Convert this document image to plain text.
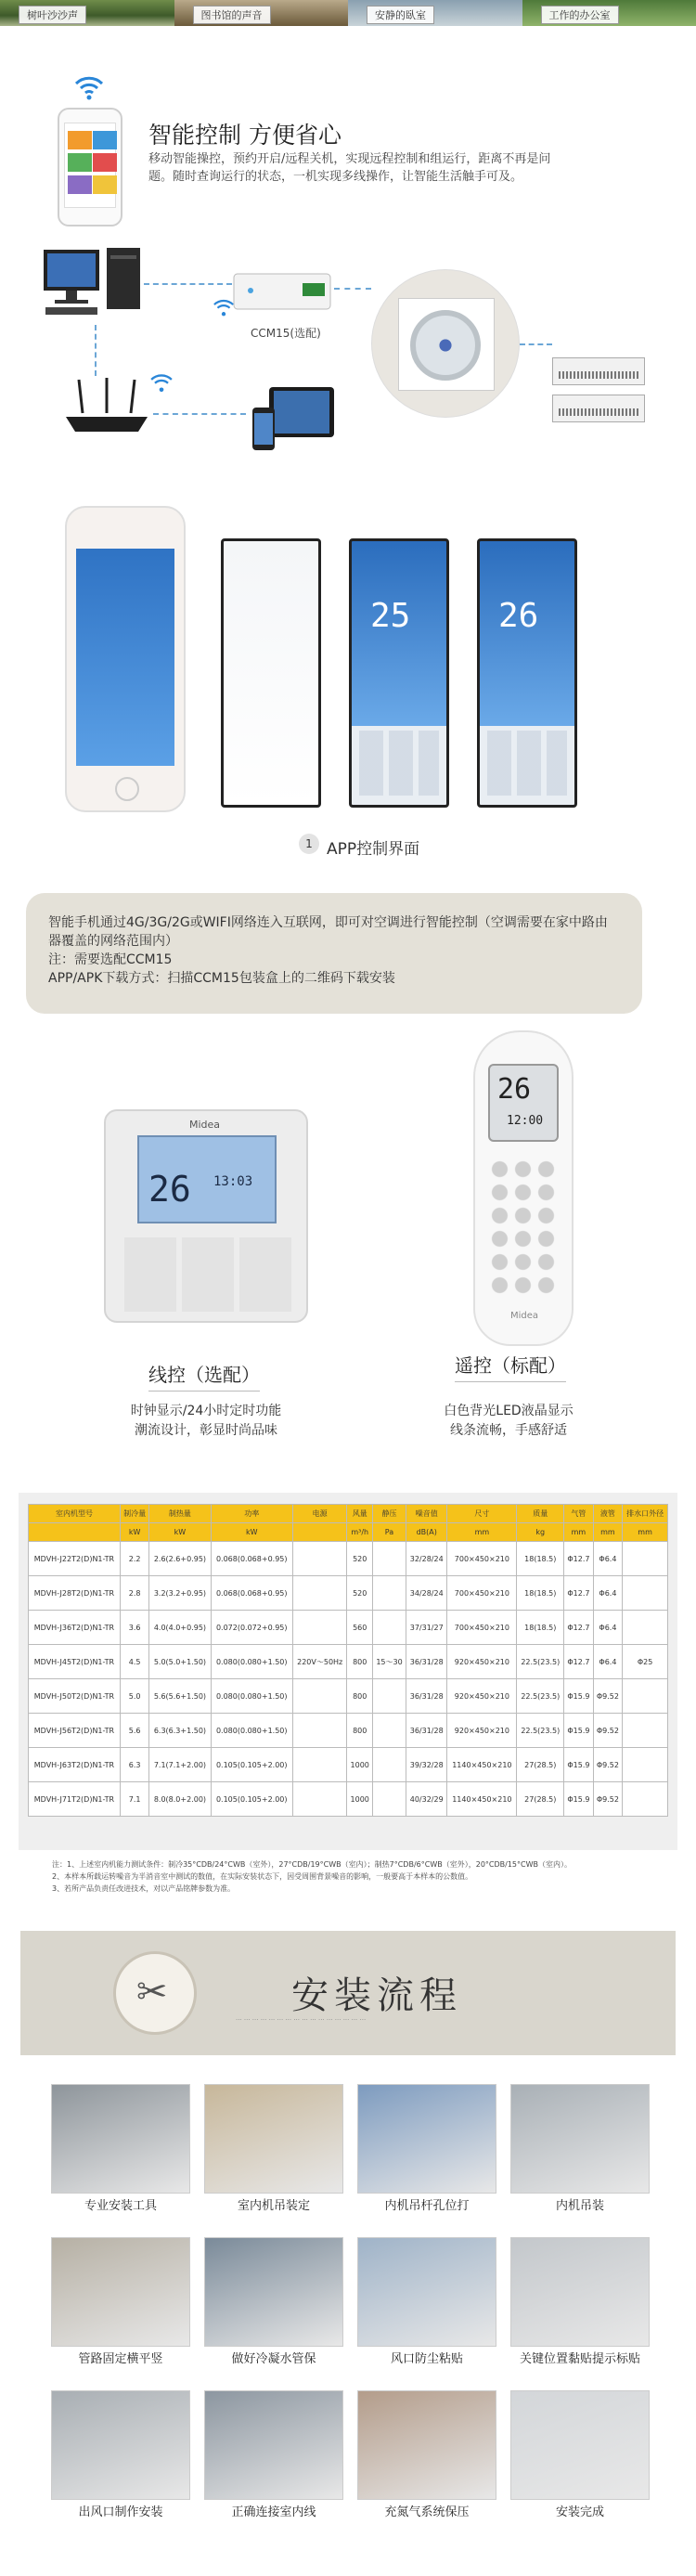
树叶沙沙声	图书馆的声音	安静的臥室	工作的办公室
智能控制 方便省心
移动智能操控，预约开启/远程关机，实现远程控制和组运行，距离不再是问题。随时查询运行的状态，一机实现多线操作，让智能生活触手可及。
CCM15(选配)
25	26
1 APP控制界面
智能手机通过4G/3G/2G或WIFI网络连入互联网，即可对空调进行智能控制（空调需要在家中路由器覆盖的网络范围内）
注：需要选配CCM15
APP/APK下载方式：扫描CCM15包装盒上的二维码下载安装
Midea
26 13:03
26
12:00
Midea
线控（选配）
时钟显示/24小时定时功能
潮流设计，彰显时尚品味
遥控（标配）
白色背光LED液晶显示
线条流畅，手感舒适
室内机型号	制冷量	制热量	功率	电源	风量	静压	噪音值	尺寸	质量	气管	液管	排水口外径
	kW	kW	kW		m³/h	Pa	dB(A)	mm	kg	mm	mm	mm
MDVH-J22T2(D)N1-TR	2.2	2.6(2.6+0.95)	0.068(0.068+0.95)		520		32/28/24	700×450×210	18(18.5)	Φ12.7	Φ6.4	
MDVH-J28T2(D)N1-TR	2.8	3.2(3.2+0.95)	0.068(0.068+0.95)		520		34/28/24	700×450×210	18(18.5)	Φ12.7	Φ6.4	
MDVH-J36T2(D)N1-TR	3.6	4.0(4.0+0.95)	0.072(0.072+0.95)		560		37/31/27	700×450×210	18(18.5)	Φ12.7	Φ6.4	
MDVH-J45T2(D)N1-TR	4.5	5.0(5.0+1.50)	0.080(0.080+1.50)	220V～50Hz	800	15～30	36/31/28	920×450×210	22.5(23.5)	Φ12.7	Φ6.4	Φ25
MDVH-J50T2(D)N1-TR	5.0	5.6(5.6+1.50)	0.080(0.080+1.50)		800		36/31/28	920×450×210	22.5(23.5)	Φ15.9	Φ9.52	
MDVH-J56T2(D)N1-TR	5.6	6.3(6.3+1.50)	0.080(0.080+1.50)		800		36/31/28	920×450×210	22.5(23.5)	Φ15.9	Φ9.52	
MDVH-J63T2(D)N1-TR	6.3	7.1(7.1+2.00)	0.105(0.105+2.00)		1000		39/32/28	1140×450×210	27(28.5)	Φ15.9	Φ9.52	
MDVH-J71T2(D)N1-TR	7.1	8.0(8.0+2.00)	0.105(0.105+2.00)		1000		40/32/29	1140×450×210	27(28.5)	Φ15.9	Φ9.52	
注：1、上述室内机能力测试条件：制冷35°CDB/24°CWB（室外），27°CDB/19°CWB（室内）；制热7°CDB/6°CWB（室外），20°CDB/15°CWB（室内）。
2、本样本所载运转噪音为半消音室中测试的数值，在实际安装状态下，因受周围背景噪音的影响，一般要高于本样本的公数值。
3、若所产品负责任改进技术，对以产品铭牌参数为准。
✂	安装流程
··· ··· ··· ··· ··· ··· ··· ··· ··· ··· ··· ··· ··· ··· ··· ···
专业安装工具	室内机吊装定	内机吊杆孔位打	内机吊装
管路固定横平竖	做好冷凝水管保	风口防尘粘贴	关键位置黏贴提示标贴
出风口制作安装	正确连接室内线	充氮气系统保压	安装完成
